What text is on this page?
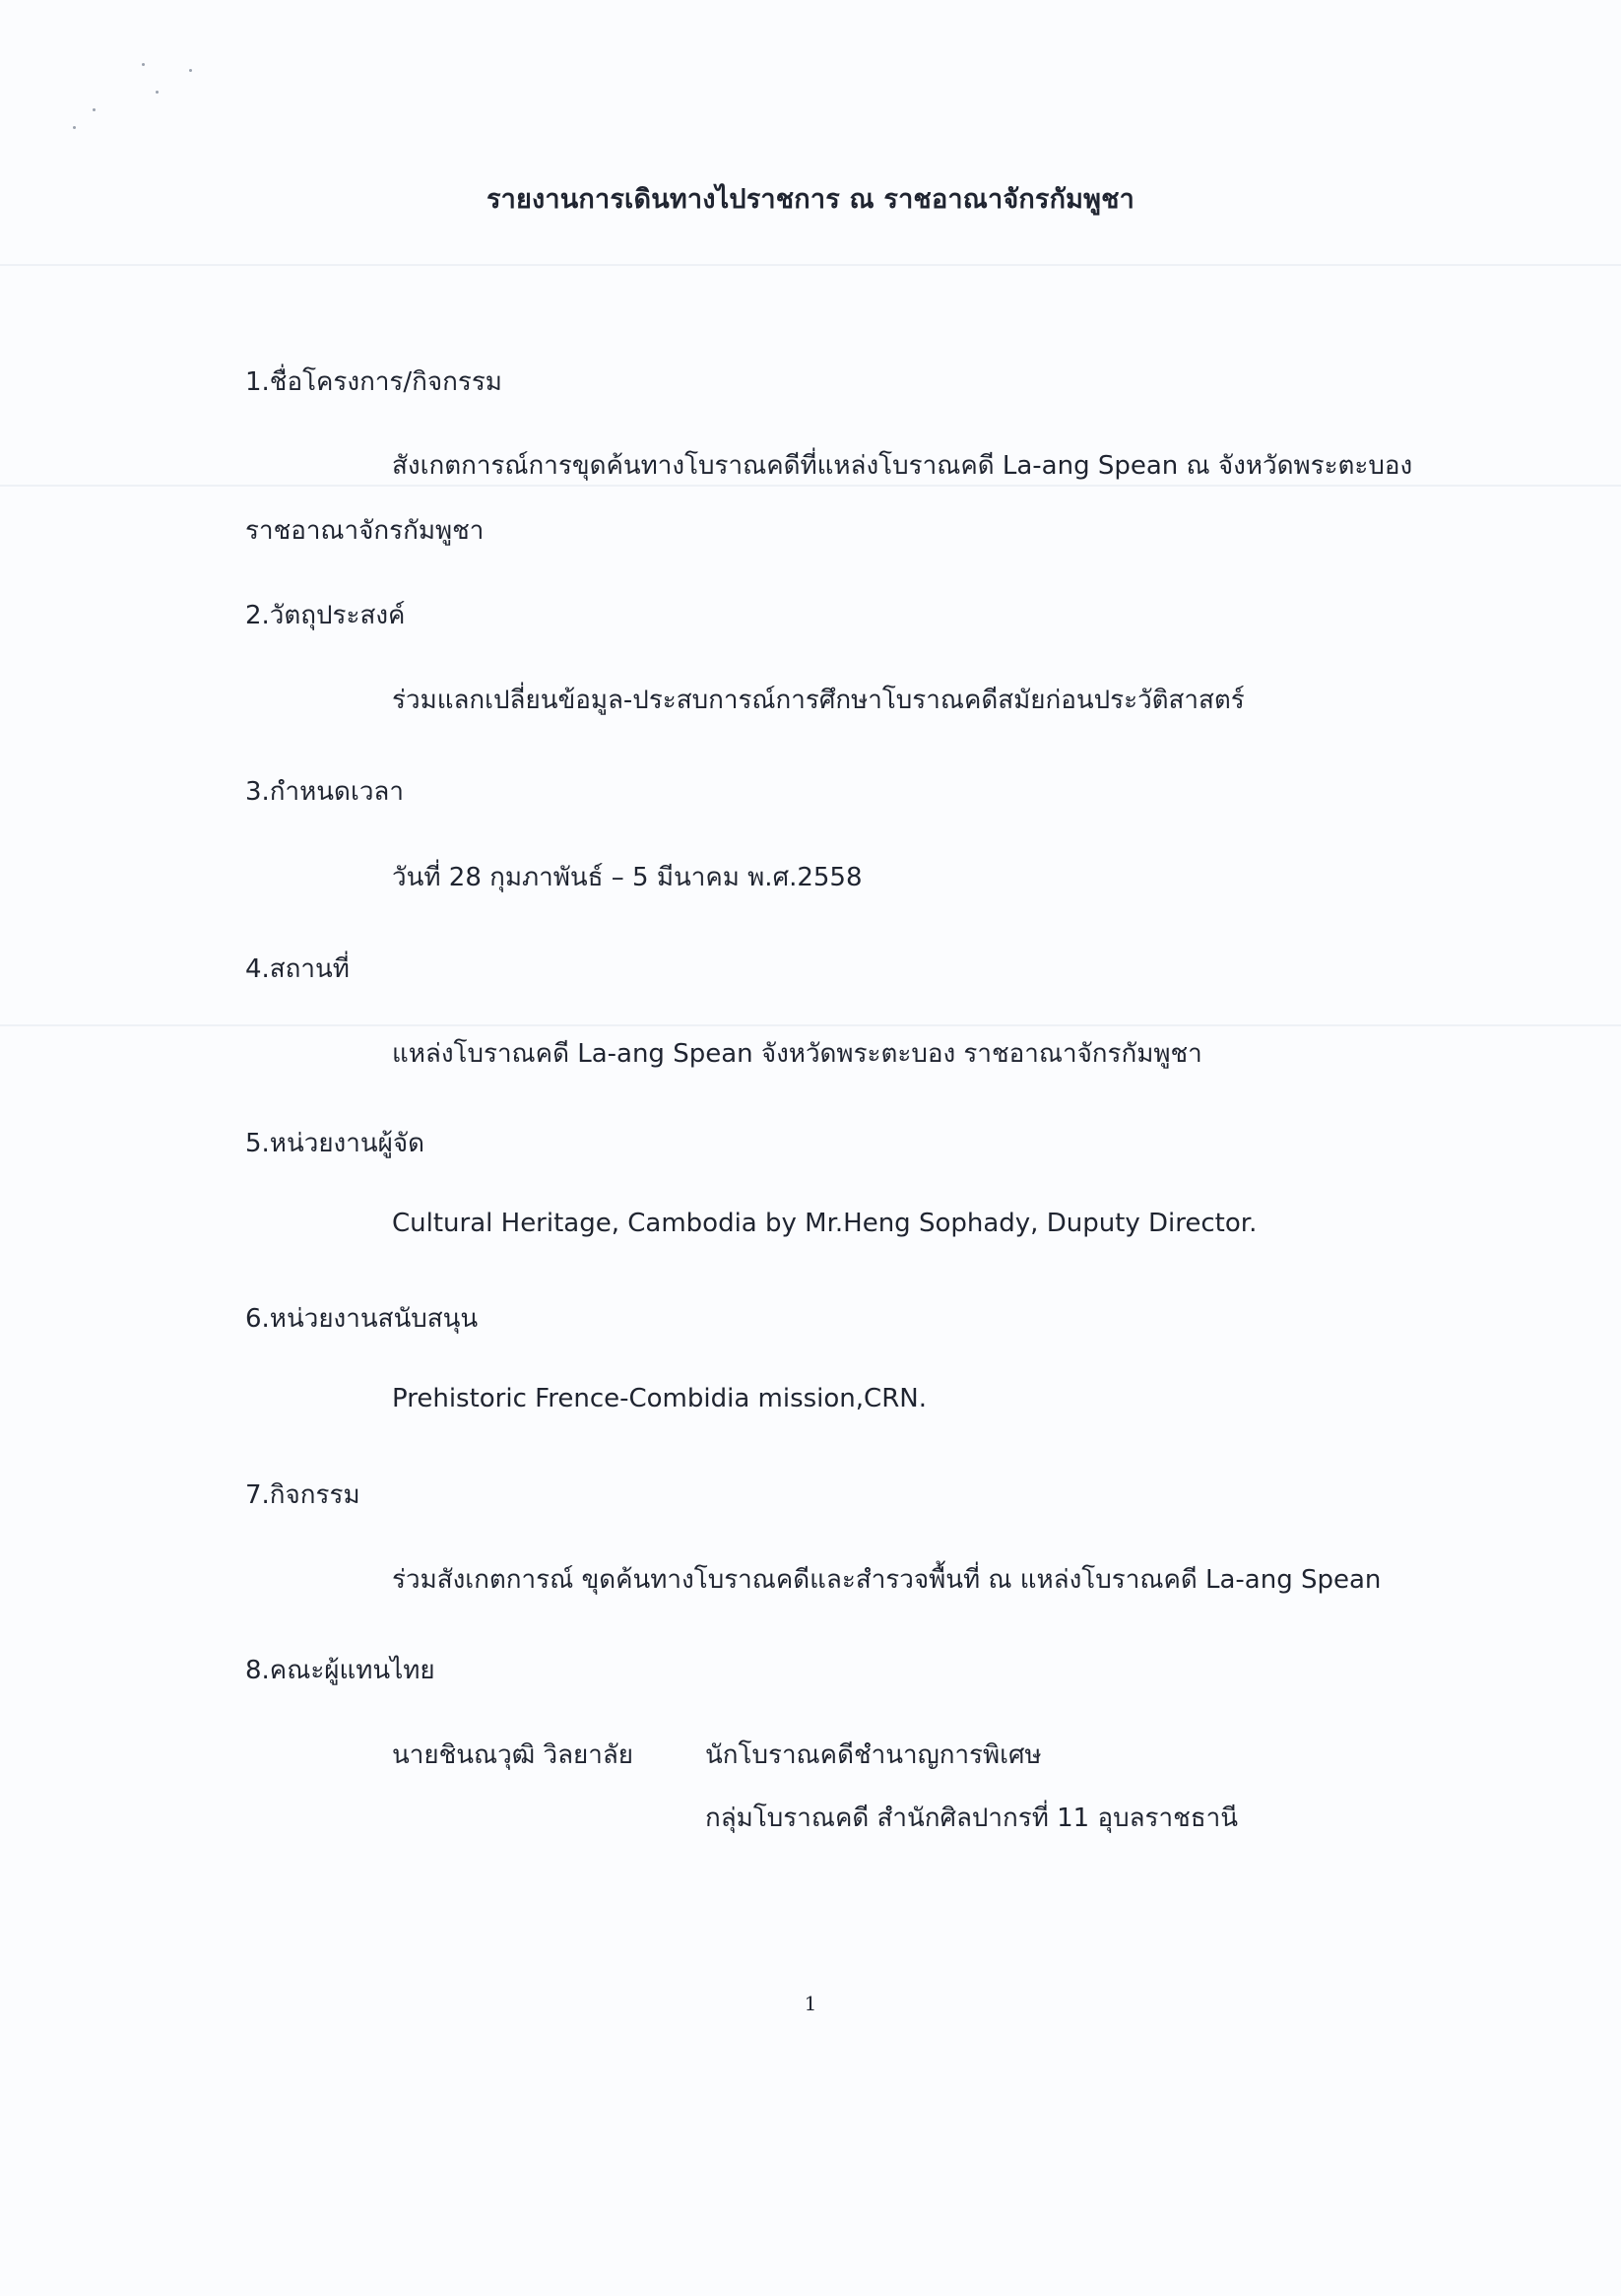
รายงานการเดินทางไปราชการ ณ ราชอาณาจักรกัมพูชา
1.ชื่อโครงการ/กิจกรรม
สังเกตการณ์การขุดค้นทางโบราณคดีที่แหล่งโบราณคดี La-ang Spean ณ จังหวัดพระตะบอง
ราชอาณาจักรกัมพูชา
2.วัตถุประสงค์
ร่วมแลกเปลี่ยนข้อมูล-ประสบการณ์การศึกษาโบราณคดีสมัยก่อนประวัติสาสตร์
3.กำหนดเวลา
วันที่ 28 กุมภาพันธ์ – 5 มีนาคม พ.ศ.2558
4.สถานที่
แหล่งโบราณคดี La-ang Spean จังหวัดพระตะบอง ราชอาณาจักรกัมพูชา
5.หน่วยงานผู้จัด
Cultural Heritage, Cambodia by Mr.Heng Sophady, Duputy Director.
6.หน่วยงานสนับสนุน
Prehistoric Frence-Combidia mission,CRN.
7.กิจกรรม
ร่วมสังเกตการณ์ ขุดค้นทางโบราณคดีและสำรวจพื้นที่ ณ แหล่งโบราณคดี La-ang Spean
8.คณะผู้แทนไทย
นายชินณวุฒิ วิลยาลัย	นักโบราณคดีชำนาญการพิเศษ
กลุ่มโบราณคดี สำนักศิลปากรที่ 11 อุบลราชธานี
1
